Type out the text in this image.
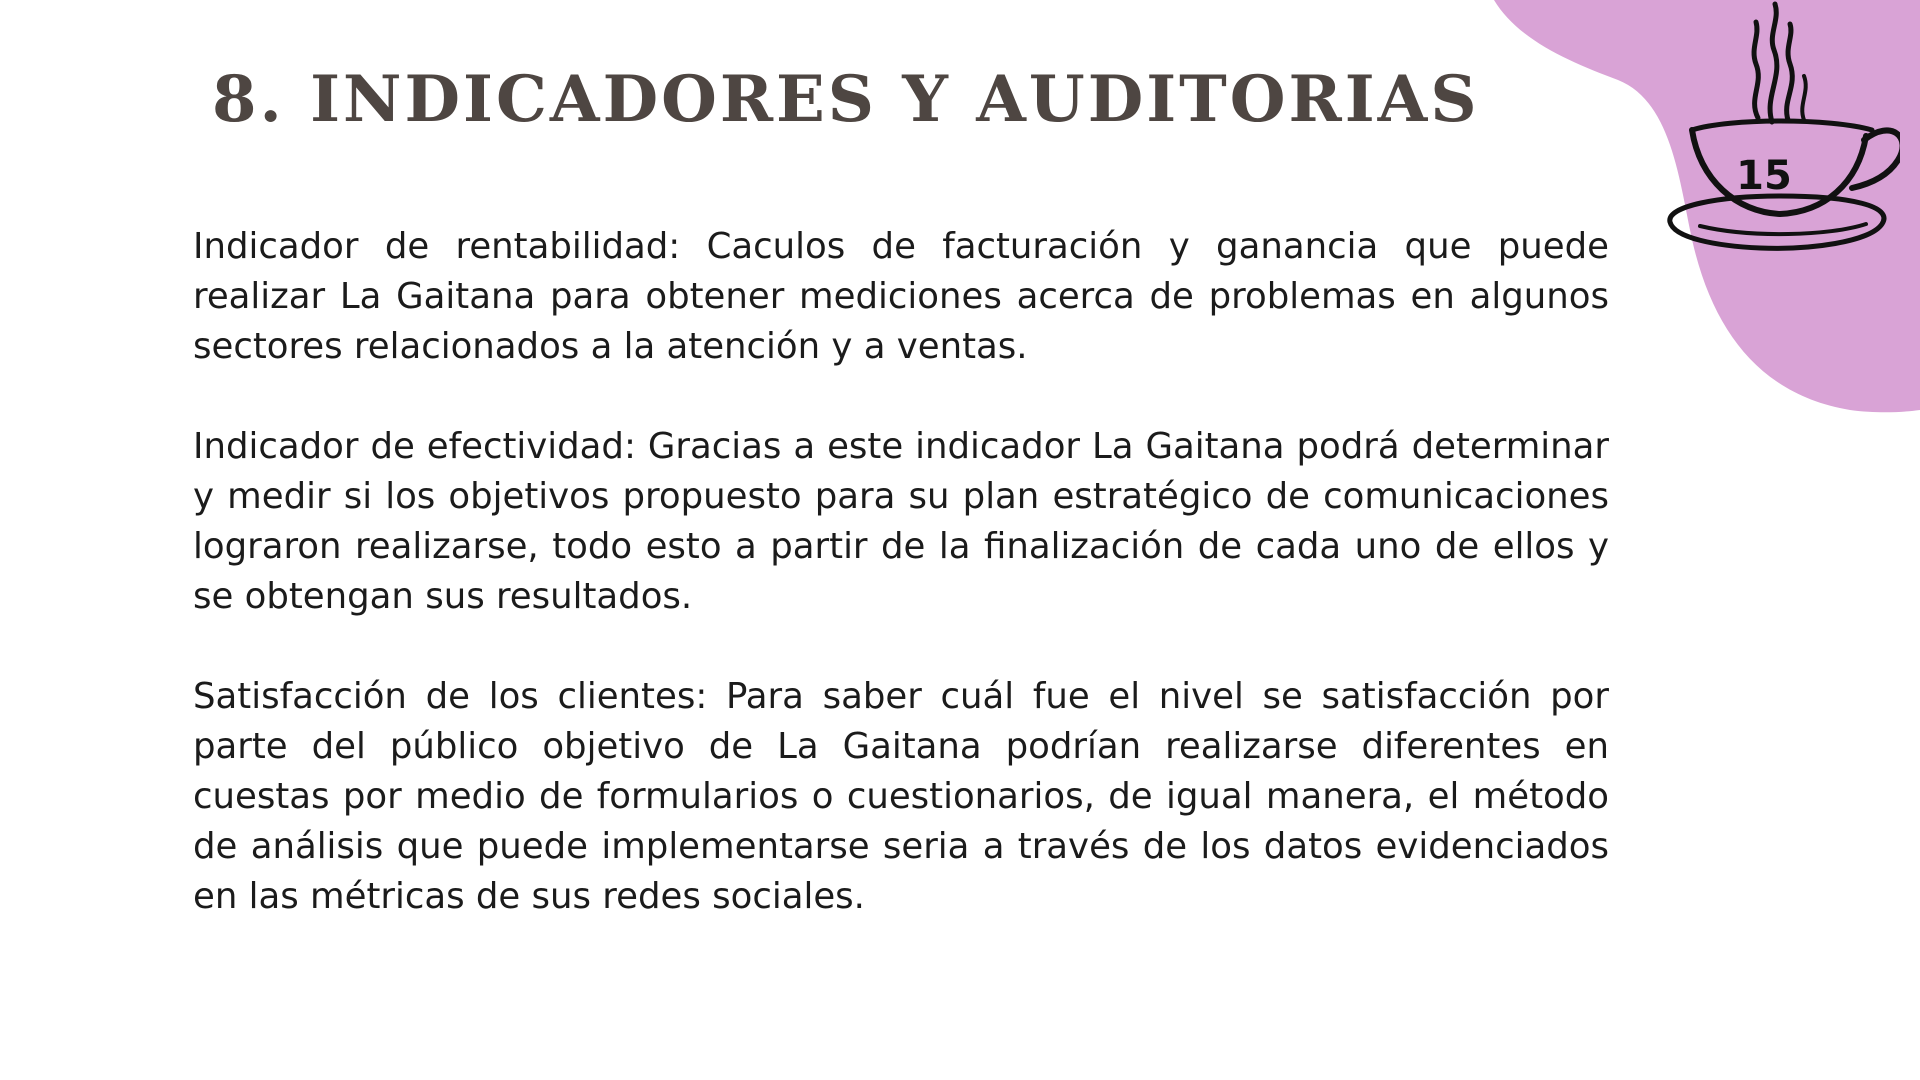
8. INDICADORES Y AUDITORIAS

Indicador de rentabilidad: Caculos de facturación y ganancia que puede realizar La Gaitana para obtener mediciones acerca de problemas en algunos sectores relacionados a la atención y a ventas.

Indicador de efectividad: Gracias a este indicador La Gaitana podrá determinar y medir si los objetivos propuesto para su plan estratégico de comunicaciones lograron realizarse, todo esto a partir de la finalización de cada uno de ellos y se obtengan sus resultados.

Satisfacción de los clientes: Para saber cuál fue el nivel se satisfacción por parte del público objetivo de La Gaitana podrían realizarse diferentes en cuestas por medio de formularios o cuestionarios, de igual manera, el método de análisis que puede implementarse seria a través de los datos evidenciados en las métricas de sus redes sociales.

15
